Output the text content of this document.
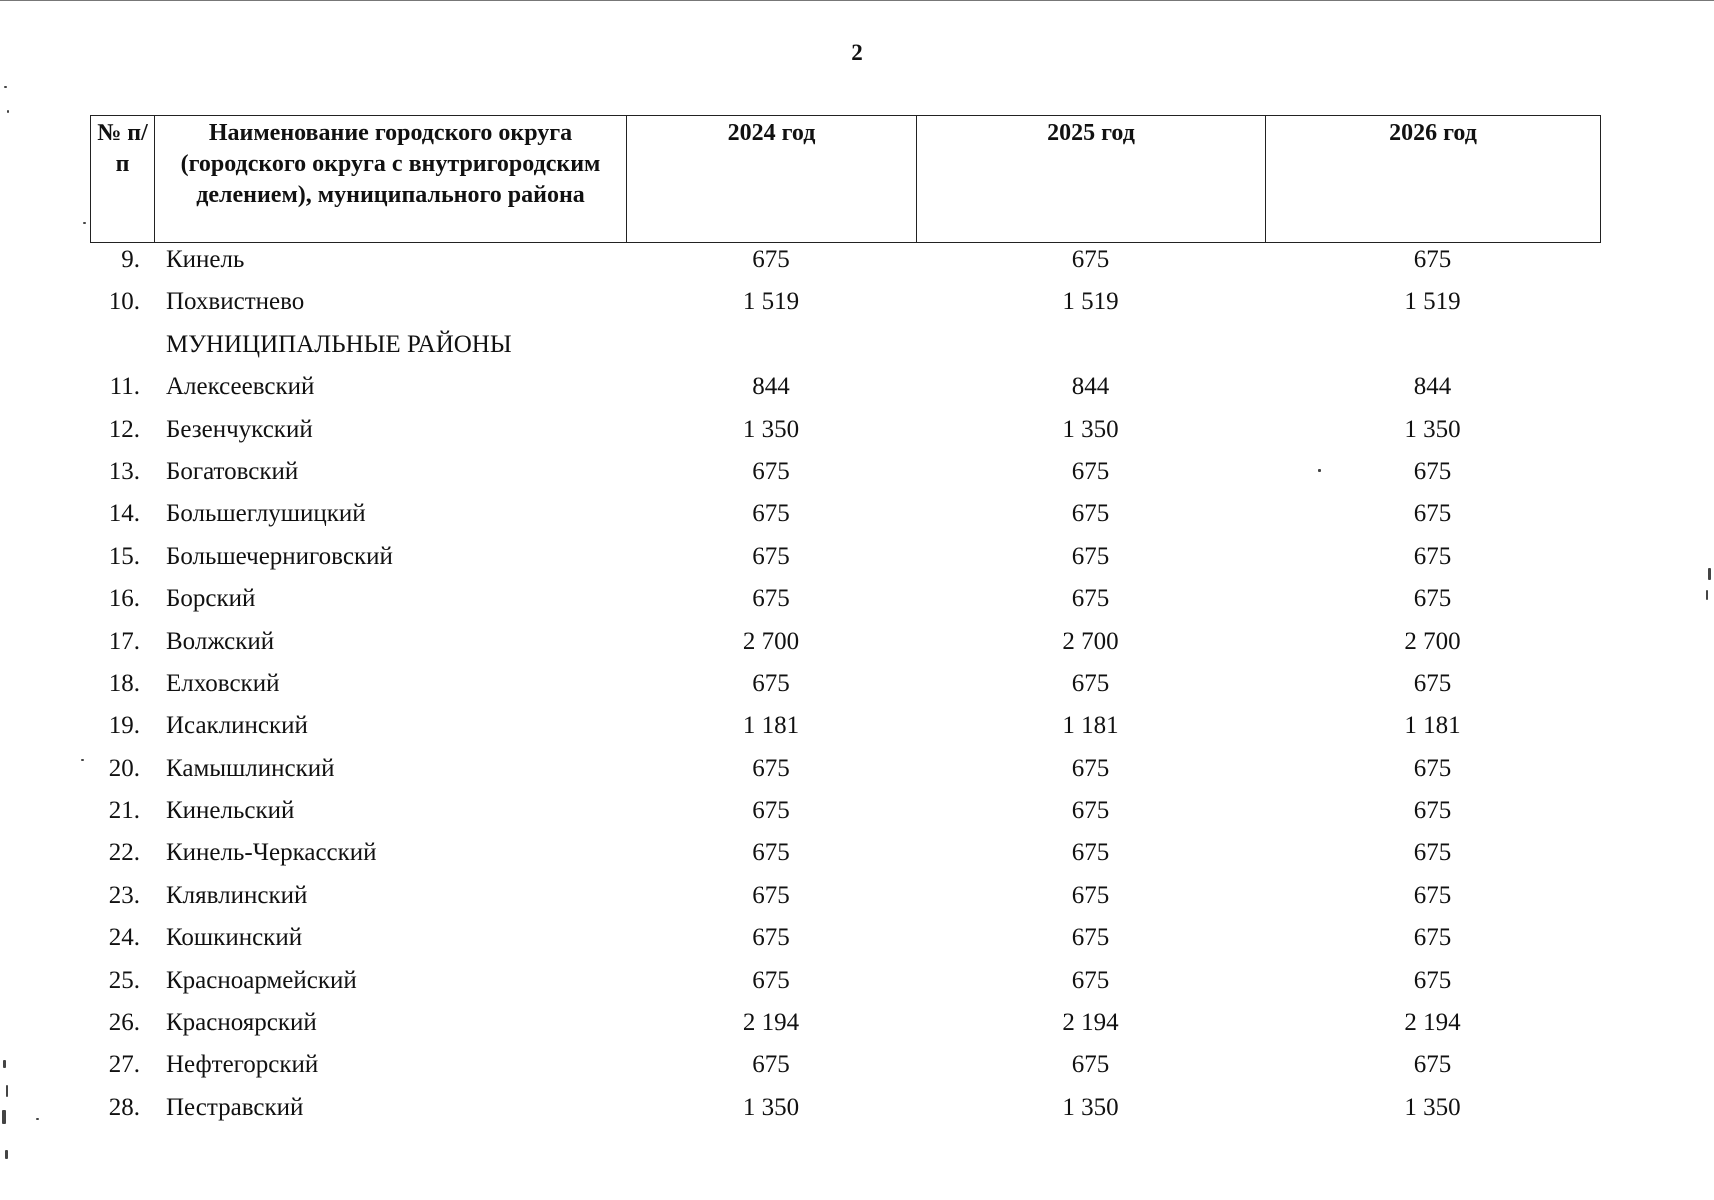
2
№ п/п	Наименование городского округа (городского округа с внутригородским делением), муниципального района	2024 год	2025 год	2026 год
9.	Кинель	675	675	675
10.	Похвистнево	1 519	1 519	1 519
	МУНИЦИПАЛЬНЫЕ РАЙОНЫ			
11.	Алексеевский	844	844	844
12.	Безенчукский	1 350	1 350	1 350
13.	Богатовский	675	675	675
14.	Большеглушицкий	675	675	675
15.	Большечерниговский	675	675	675
16.	Борский	675	675	675
17.	Волжский	2 700	2 700	2 700
18.	Елховский	675	675	675
19.	Исаклинский	1 181	1 181	1 181
20.	Камышлинский	675	675	675
21.	Кинельский	675	675	675
22.	Кинель-Черкасский	675	675	675
23.	Клявлинский	675	675	675
24.	Кошкинский	675	675	675
25.	Красноармейский	675	675	675
26.	Красноярский	2 194	2 194	2 194
27.	Нефтегорский	675	675	675
28.	Пестравский	1 350	1 350	1 350
